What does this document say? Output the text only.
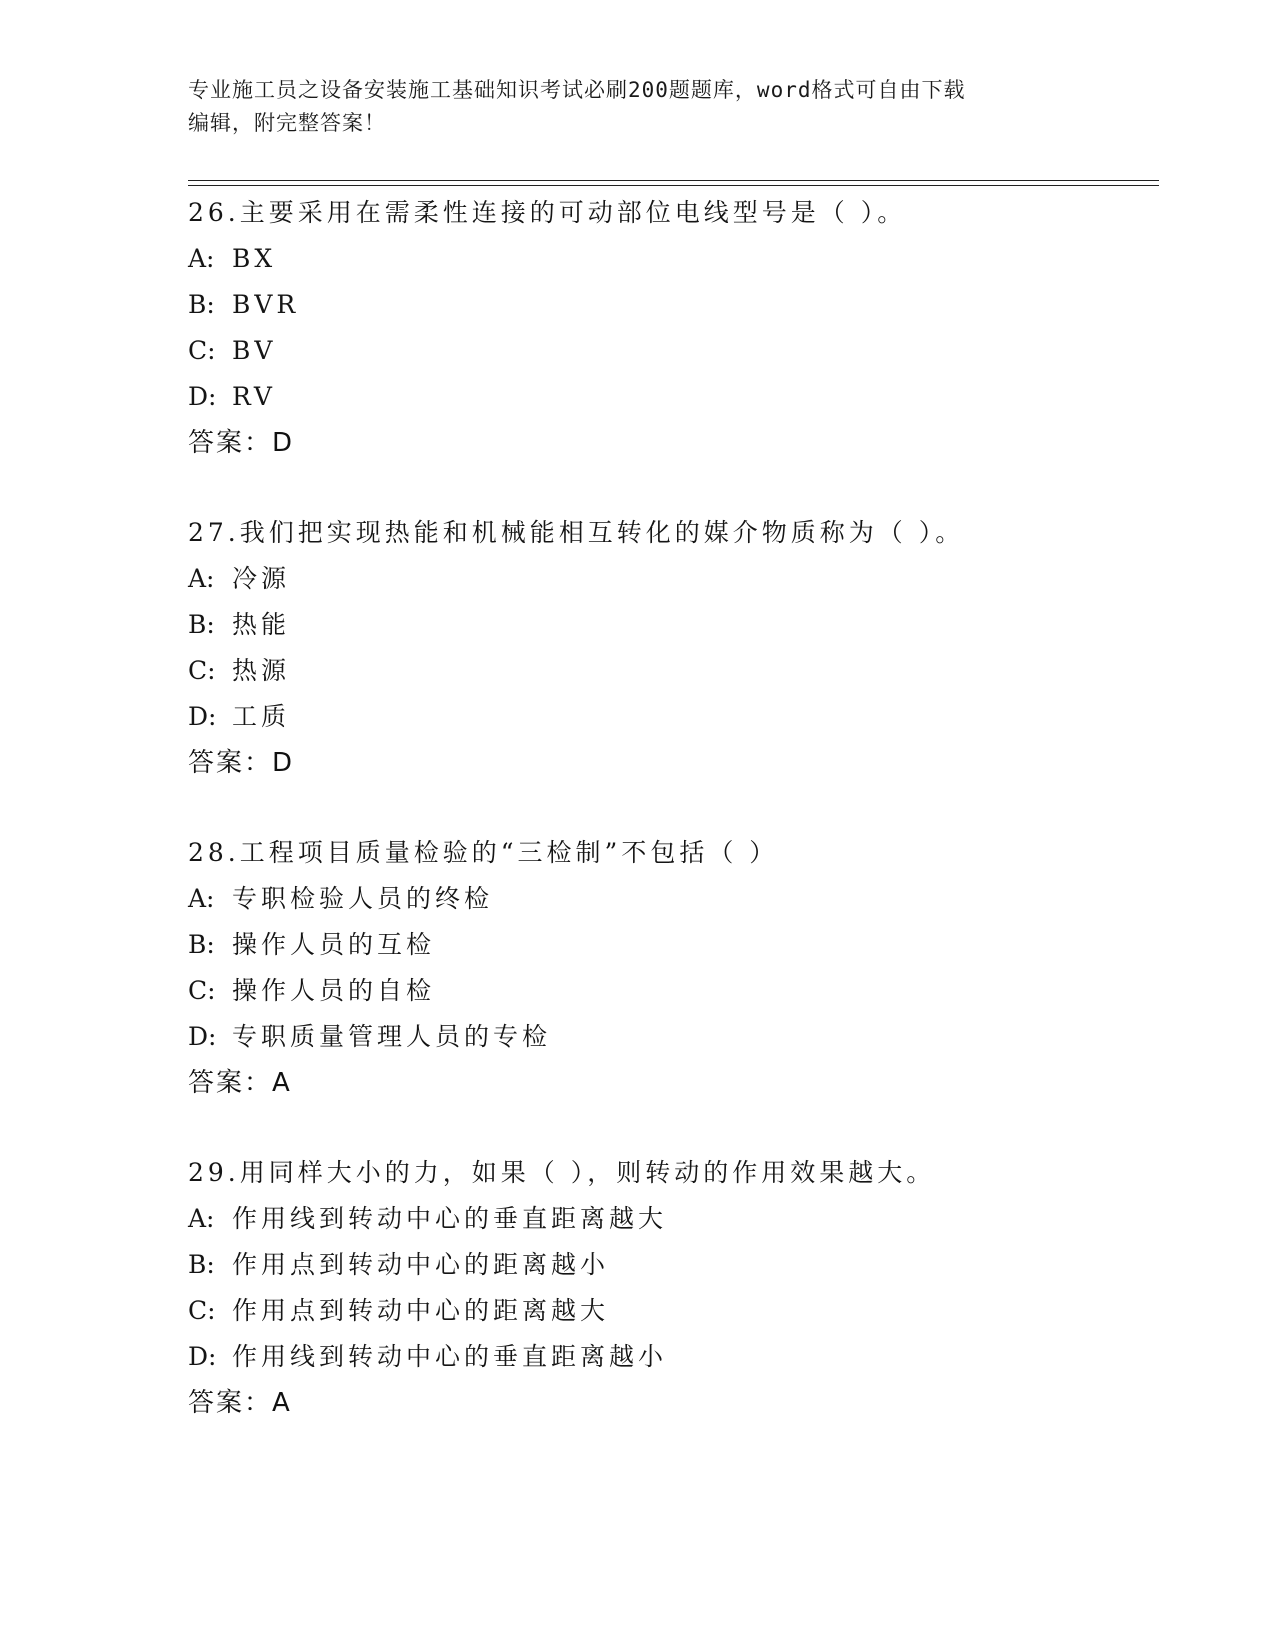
专业施工员之设备安装施工基础知识考试必刷200题题库，word格式可自由下载
编辑，附完整答案！
26.主要采用在需柔性连接的可动部位电线型号是（ ）。
A: BX
B: BVR
C: BV
D: RV
答案：D
27.我们把实现热能和机械能相互转化的媒介物质称为（ ）。
A: 冷源
B: 热能
C: 热源
D: 工质
答案：D
28.工程项目质量检验的“三检制”不包括（ ）
A: 专职检验人员的终检
B: 操作人员的互检
C: 操作人员的自检
D: 专职质量管理人员的专检
答案：A
29.用同样大小的力，如果（ ），则转动的作用效果越大。
A: 作用线到转动中心的垂直距离越大
B: 作用点到转动中心的距离越小
C: 作用点到转动中心的距离越大
D: 作用线到转动中心的垂直距离越小
答案：A
